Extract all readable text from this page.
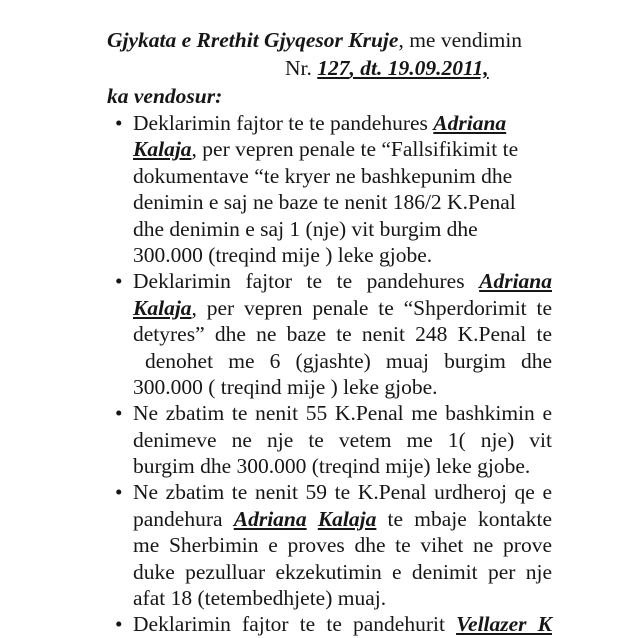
Gjykata e Rrethit Gjyqesor Kruje, me vendimin
Nr. 127, dt. 19.09.2011,
ka vendosur:
• Deklarimin fajtor te te pandehures Adriana
Kalaja, per vepren penale te “Fallsifikimit te
dokumentave “te kryer ne bashkepunim dhe
denimin e saj ne baze te nenit 186/2 K.Penal
dhe denimin e saj 1 (nje) vit burgim dhe
300.000 (treqind mije ) leke gjobe.
• Deklarimin fajtor te te pandehures Adriana
Kalaja, per vepren penale te “Shperdorimit te
detyres” dhe ne baze te nenit 248 K.Penal te
denohet me 6 (gjashte) muaj burgim dhe
300.000 ( treqind mije ) leke gjobe.
• Ne zbatim te nenit 55 K.Penal me bashkimin e
denimeve ne nje te vetem me 1( nje) vit
burgim dhe 300.000 (treqind mije) leke gjobe.
• Ne zbatim te nenit 59 te K.Penal urdheroj qe e
pandehura Adriana Kalaja te mbaje kontakte
me Sherbimin e proves dhe te vihet ne prove
duke pezulluar ekzekutimin e denimit per nje
afat 18 (tetembedhjete) muaj.
• Deklarimin fajtor te te pandehurit Vellazer K
